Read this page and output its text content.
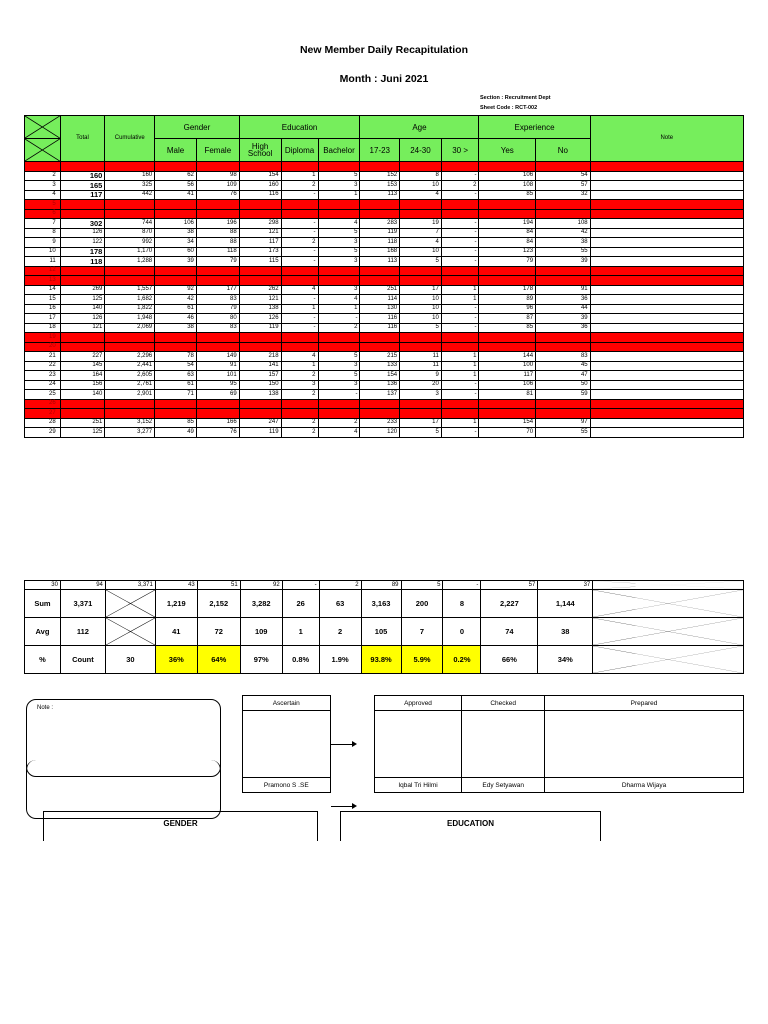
New Member Daily Recapitulation
Month : Juni 2021
Section : Recruitment Dept
Sheet Code : RCT-002
	Total	Cumulative	Gender		Education			Age			Experience		Note

	Male	Female	High School	Diploma	Bachelor	17-23	24-30	30 >	Yes	No	

2	160	160	62	98	154	1	5	152	8	-	106	54	
3	165	325	56	109	160	2	3	153	10	2	108	57	
4	117	442	41	76	116	-	1	113	4	-	85	32	
5													
6													
7	302	744	106	196	298	-	4	283	19	-	194	108	
8	126	870	38	88	121	-	5	119	7	-	84	42	
9	122	992	34	88	117	2	3	118	4	-	84	38	
10	178	1,170	60	118	173	-	5	168	10	-	123	55	
11	118	1,288	39	79	115	-	3	113	5	-	79	39	
12													
13													
14	269	1,557	92	177	262	4	3	251	17	1	178	91	
15	125	1,682	42	83	121	-	4	114	10	1	89	36	
16	140	1,822	61	79	138	1	1	130	10	-	96	44	
17	126	1,948	46	80	126	-	-	116	10	-	87	39	
18	121	2,069	38	83	119	-	2	116	5	-	85	36	
19													
20													
21	227	2,296	78	149	218	4	5	215	11	1	144	83	
22	145	2,441	54	91	141	1	3	133	11	1	100	45	
23	164	2,605	63	101	157	2	5	154	9	1	117	47	
24	156	2,761	61	95	150	3	3	136	20	-	106	50	
25	140	2,901	71	69	138	2	-	137	3	-	81	59	
26													
27													
28	251	3,152	85	166	247	2	2	233	17	1	154	97	
29	125	3,277	49	76	119	2	4	120	5	-	70	55	
30	94	3,371	43	51	92	-	2	89	5	-	57	37	

Sum	3,371		1,219	2,152	3,282	26	63	3,163	200	8	2,227	1,144	

Avg	112		41	72	109	1	2	105	7	0	74	38	

%	Count	30	36%	64%	97%	0.8%	1.9%	93.8%	5.9%	0.2%	66%	34%	
Note :
Ascertain		Approved	Checked	Prepared

Pramono S .SE		Iqbal Tri Hilmi	Edy Setyawan	Dharma Wijaya
GENDER	EDUCATION
